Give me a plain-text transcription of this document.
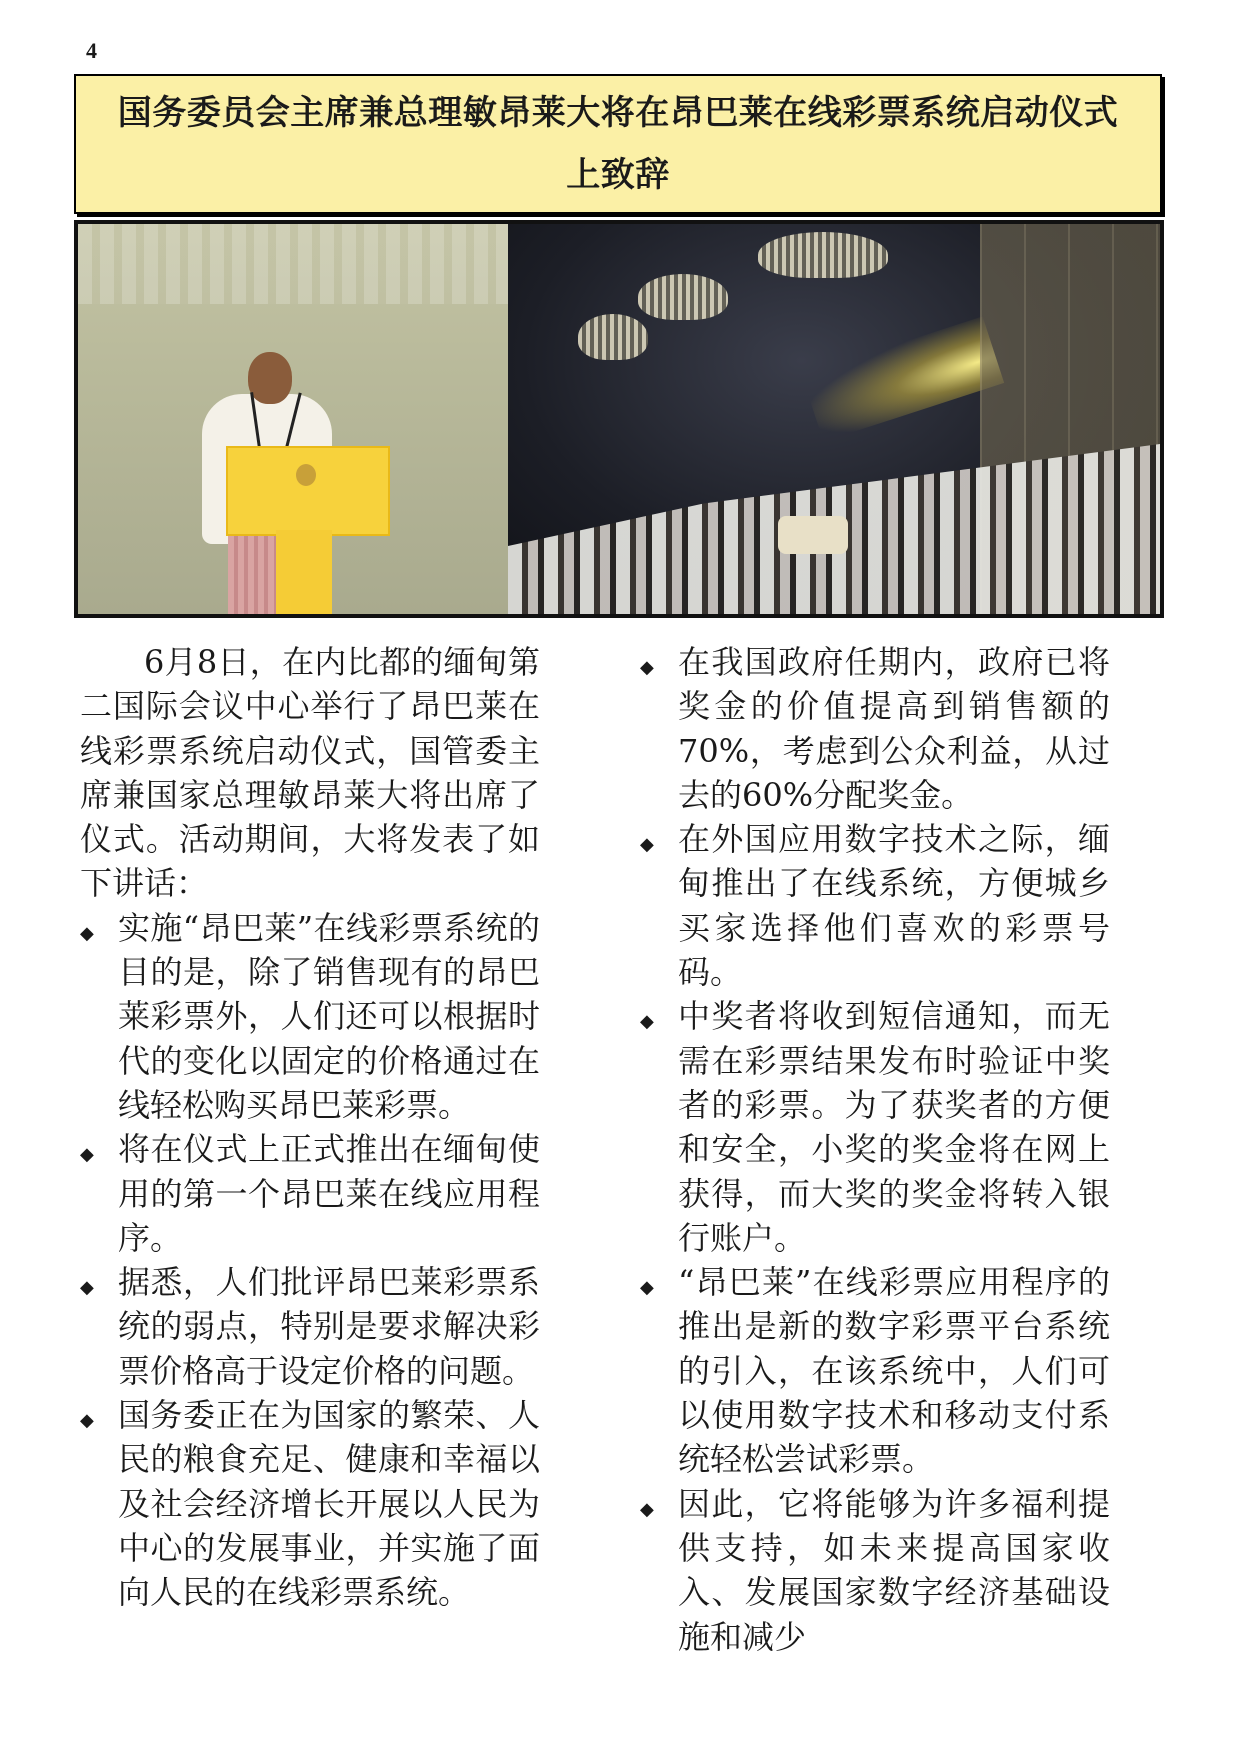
4
国务委员会主席兼总理敏昂莱大将在昂巴莱在线彩票系统启动仪式上致辞

6月8日，在内比都的缅甸第二国际会议中心举行了昂巴莱在线彩票系统启动仪式，国管委主席兼国家总理敏昂莱大将出席了仪式。活动期间，大将发表了如下讲话：

◆
实施“昂巴莱”在线彩票系统的目的是，除了销售现有的昂巴莱彩票外，人们还可以根据时代的变化以固定的价格通过在线轻松购买昂巴莱彩票。
◆
将在仪式上正式推出在缅甸使用的第一个昂巴莱在线应用程序。
◆
据悉，人们批评昂巴莱彩票系统的弱点，特别是要求解决彩票价格高于设定价格的问题。
◆
国务委正在为国家的繁荣、人民的粮食充足、健康和幸福以及社会经济增长开展以人民为中心的发展事业，并实施了面向人民的在线彩票系统。
◆
在我国政府任期内，政府已将奖金的价值提高到销售额的70%，考虑到公众利益，从过去的60%分配奖金。
◆
在外国应用数字技术之际，缅甸推出了在线系统，方便城乡买家选择他们喜欢的彩票号码。
◆
中奖者将收到短信通知，而无需在彩票结果发布时验证中奖者的彩票。为了获奖者的方便和安全，小奖的奖金将在网上获得，而大奖的奖金将转入银行账户。
◆
“昂巴莱”在线彩票应用程序的推出是新的数字彩票平台系统的引入，在该系统中，人们可以使用数字技术和移动支付系统轻松尝试彩票。
◆
因此，它将能够为许多福利提供支持，如未来提高国家收入、发展国家数字经济基础设施和减少
